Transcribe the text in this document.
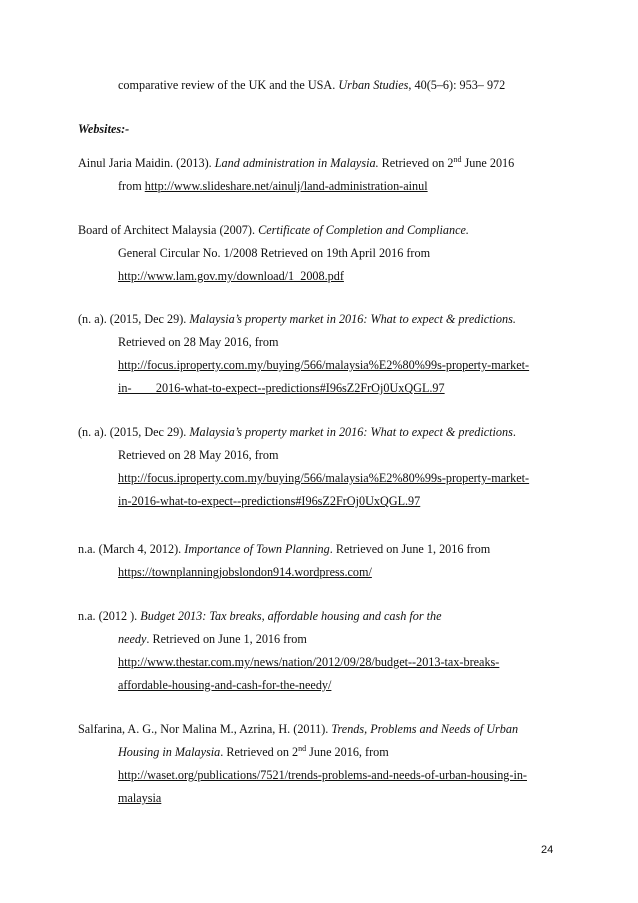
comparative review of the UK and the USA. Urban Studies, 40(5–6): 953– 972
Websites:-
Ainul Jaria Maidin. (2013). Land administration in Malaysia. Retrieved on 2nd June 2016
from http://www.slideshare.net/ainulj/land-administration-ainul
Board of Architect Malaysia (2007). Certificate of Completion and Compliance.
General Circular No. 1/2008 Retrieved on 19th April 2016 from
http://www.lam.gov.my/download/1_2008.pdf
(n. a). (2015, Dec 29). Malaysia’s property market in 2016: What to expect & predictions.
Retrieved on 28 May 2016, from
http://focus.iproperty.com.my/buying/566/malaysia%E2%80%99s-property-market-
in-        2016-what-to-expect--predictions#I96sZ2FrOj0UxQGL.97
(n. a). (2015, Dec 29). Malaysia’s property market in 2016: What to expect & predictions.
Retrieved on 28 May 2016, from
http://focus.iproperty.com.my/buying/566/malaysia%E2%80%99s-property-market-
in-2016-what-to-expect--predictions#I96sZ2FrOj0UxQGL.97
n.a. (March 4, 2012). Importance of Town Planning. Retrieved on June 1, 2016 from
https://townplanningjobslondon914.wordpress.com/
n.a. (2012 ). Budget 2013: Tax breaks, affordable housing and cash for the
needy. Retrieved on June 1, 2016 from
http://www.thestar.com.my/news/nation/2012/09/28/budget--2013-tax-breaks-
affordable-housing-and-cash-for-the-needy/
Salfarina, A. G., Nor Malina M., Azrina, H. (2011). Trends, Problems and Needs of Urban
Housing in Malaysia. Retrieved on 2nd June 2016, from
http://waset.org/publications/7521/trends-problems-and-needs-of-urban-housing-in-
malaysia
24
